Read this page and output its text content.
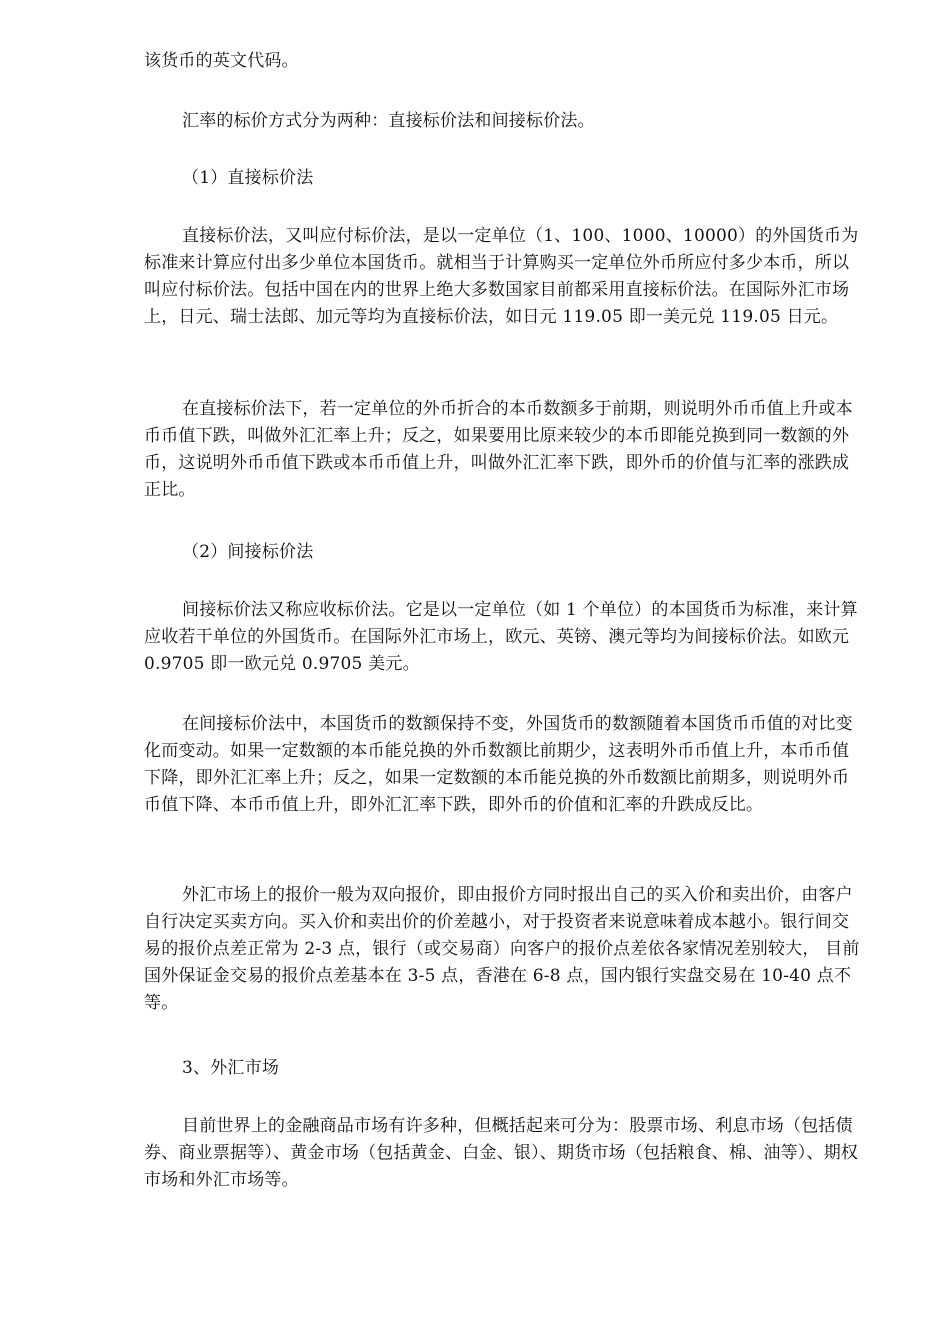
该货币的英文代码。

汇率的标价方式分为两种：直接标价法和间接标价法。

（1）直接标价法

直接标价法，又叫应付标价法，是以一定单位（1、100、1000、10000）的外国货币为标准来计算应付出多少单位本国货币。就相当于计算购买一定单位外币所应付多少本币，所以叫应付标价法。包括中国在内的世界上绝大多数国家目前都采用直接标价法。在国际外汇市场上，日元、瑞士法郎、加元等均为直接标价法，如日元 119.05 即一美元兑 119.05 日元。

在直接标价法下，若一定单位的外币折合的本币数额多于前期，则说明外币币值上升或本币币值下跌，叫做外汇汇率上升；反之，如果要用比原来较少的本币即能兑换到同一数额的外币，这说明外币币值下跌或本币币值上升，叫做外汇汇率下跌，即外币的价值与汇率的涨跌成正比。

（2）间接标价法

间接标价法又称应收标价法。它是以一定单位（如 1 个单位）的本国货币为标准，来计算应收若干单位的外国货币。在国际外汇市场上，欧元、英镑、澳元等均为间接标价法。如欧元 0.9705 即一欧元兑 0.9705 美元。

在间接标价法中，本国货币的数额保持不变，外国货币的数额随着本国货币币值的对比变化而变动。如果一定数额的本币能兑换的外币数额比前期少，这表明外币币值上升，本币币值下降，即外汇汇率上升；反之，如果一定数额的本币能兑换的外币数额比前期多，则说明外币币值下降、本币币值上升，即外汇汇率下跌，即外币的价值和汇率的升跌成反比。

外汇市场上的报价一般为双向报价，即由报价方同时报出自己的买入价和卖出价，由客户自行决定买卖方向。买入价和卖出价的价差越小，对于投资者来说意味着成本越小。银行间交易的报价点差正常为 2-3 点，银行（或交易商）向客户的报价点差依各家情况差别较大， 目前国外保证金交易的报价点差基本在 3-5 点，香港在 6-8 点，国内银行实盘交易在 10-40 点不等。

3、外汇市场

目前世界上的金融商品市场有许多种，但概括起来可分为：股票市场、利息市场（包括债券、商业票据等）、黄金市场（包括黄金、白金、银）、期货市场（包括粮食、棉、油等）、期权市场和外汇市场等。
